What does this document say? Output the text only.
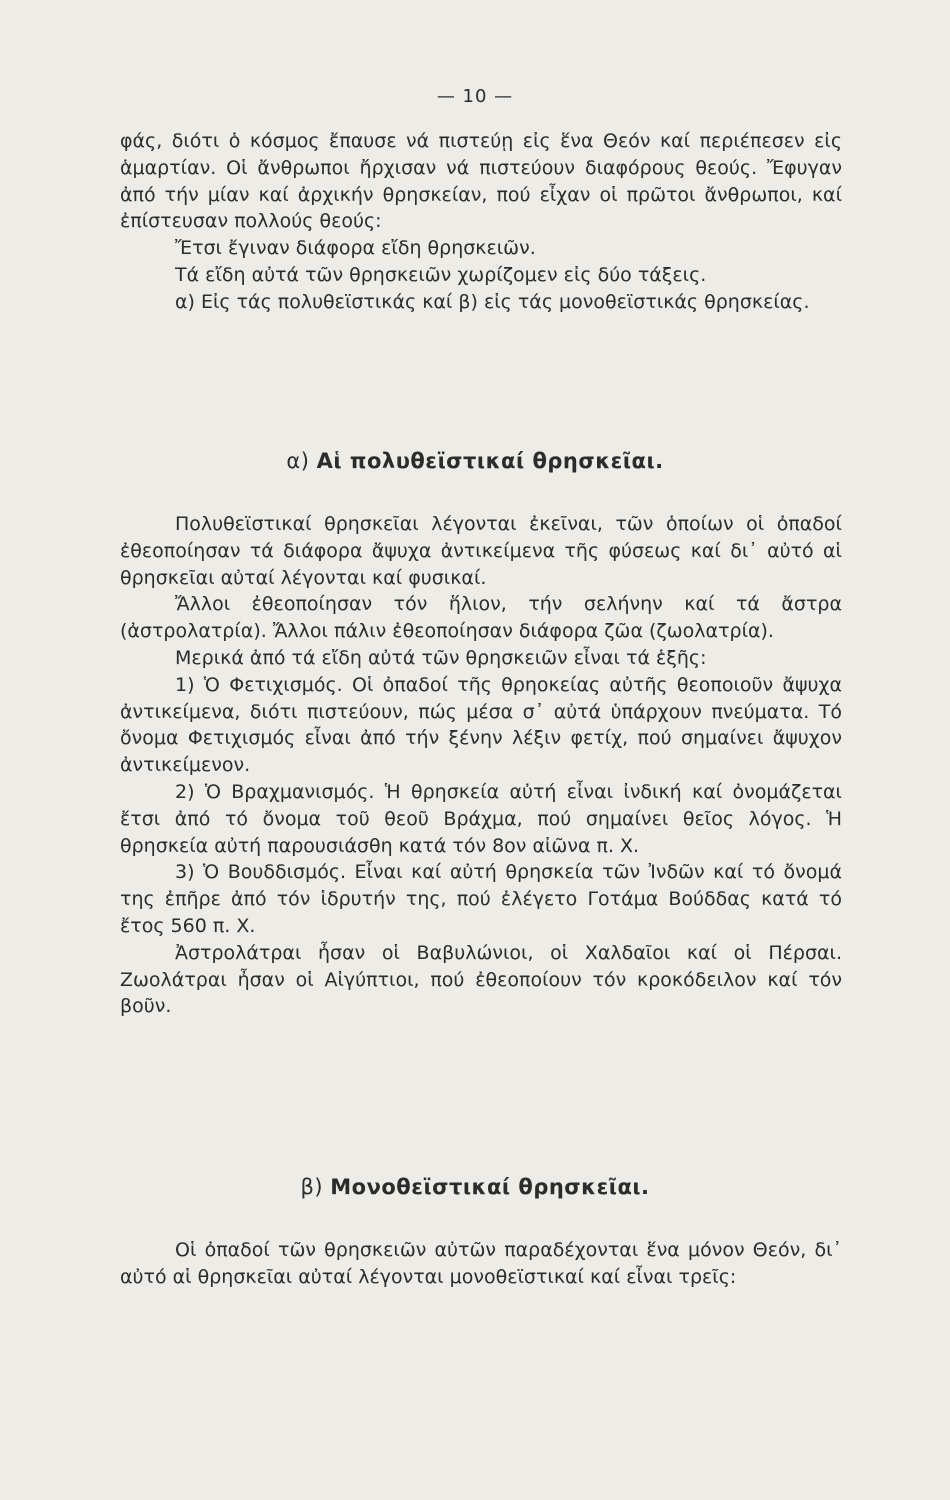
— 10 —

φάς, διότι ὁ κόσμος ἔπαυσε νά πιστεύῃ εἰς ἕνα Θεόν καί περιέπεσεν εἰς ἁμαρτίαν. Οἱ ἄνθρωποι ἤρχισαν νά πιστεύουν διαφόρους θεούς. Ἔφυγαν ἀπό τήν μίαν καί ἀρχικήν θρησκείαν, πού εἶχαν οἱ πρῶτοι ἄνθρωποι, καί ἐπίστευσαν πολλούς θεούς:

Ἔτσι ἔγιναν διάφορα εἴδη θρησκειῶν.

Τά εἴδη αὐτά τῶν θρησκειῶν χωρίζομεν εἰς δύο τάξεις.

α) Εἰς τάς πολυθεϊστικάς καί β) εἰς τάς μονοθεϊστικάς θρησκείας.

α) Αἱ πολυθεϊστικαί θρησκεῖαι.

Πολυθεϊστικαί θρησκεῖαι λέγονται ἐκεῖναι, τῶν ὁποίων οἱ ὀπαδοί ἐθεοποίησαν τά διάφορα ἄψυχα ἀντικείμενα τῆς φύσεως καί δι᾽ αὐτό αἱ θρησκεῖαι αὐταί λέγονται καί φυσικαί.

Ἄλλοι ἐθεοποίησαν τόν ἥλιον, τήν σελήνην καί τά ἄστρα (ἀστρολατρία). Ἄλλοι πάλιν ἐθεοποίησαν διάφορα ζῶα (ζωολατρία).

Μερικά ἀπό τά εἴδη αὐτά τῶν θρησκειῶν εἶναι τά ἑξῆς:

1) Ὁ Φετιχισμός. Οἱ ὀπαδοί τῆς θρηοκείας αὐτῆς θεοποιοῦν ἄψυχα ἀντικείμενα, διότι πιστεύουν, πώς μέσα σ᾽ αὐτά ὑπάρχουν πνεύματα. Τό ὄνομα Φετιχισμός εἶναι ἀπό τήν ξένην λέξιν φετίχ, πού σημαίνει ἄψυχον ἀντικείμενον.

2) Ὁ Βραχμανισμός. Ἡ θρησκεία αὐτή εἶναι ἰνδική καί ὀνομάζεται ἔτσι ἀπό τό ὄνομα τοῦ θεοῦ Βράχμα, πού σημαίνει θεῖος λόγος. Ἡ θρησκεία αὐτή παρουσιάσθη κατά τόν 8ον αἰῶνα π. Χ.

3) Ὁ Βουδδισμός. Εἶναι καί αὐτή θρησκεία τῶν Ἰνδῶν καί τό ὄνομά της ἐπῆρε ἀπό τόν ἱδρυτήν της, πού ἐλέγετο Γοτάμα Βούδδας κατά τό ἔτος 560 π. Χ.

Ἀστρολάτραι ἦσαν οἱ Βαβυλώνιοι, οἱ Χαλδαῖοι καί οἱ Πέρσαι. Ζωολάτραι ἦσαν οἱ Αἰγύπτιοι, πού ἐθεοποίουν τόν κροκόδειλον καί τόν βοῦν.

β) Μονοθεϊστικαί θρησκεῖαι.

Οἱ ὀπαδοί τῶν θρησκειῶν αὐτῶν παραδέχονται ἕνα μόνον Θεόν, δι᾽ αὐτό αἱ θρησκεῖαι αὐταί λέγονται μονοθεϊστικαί καί εἶναι τρεῖς:
